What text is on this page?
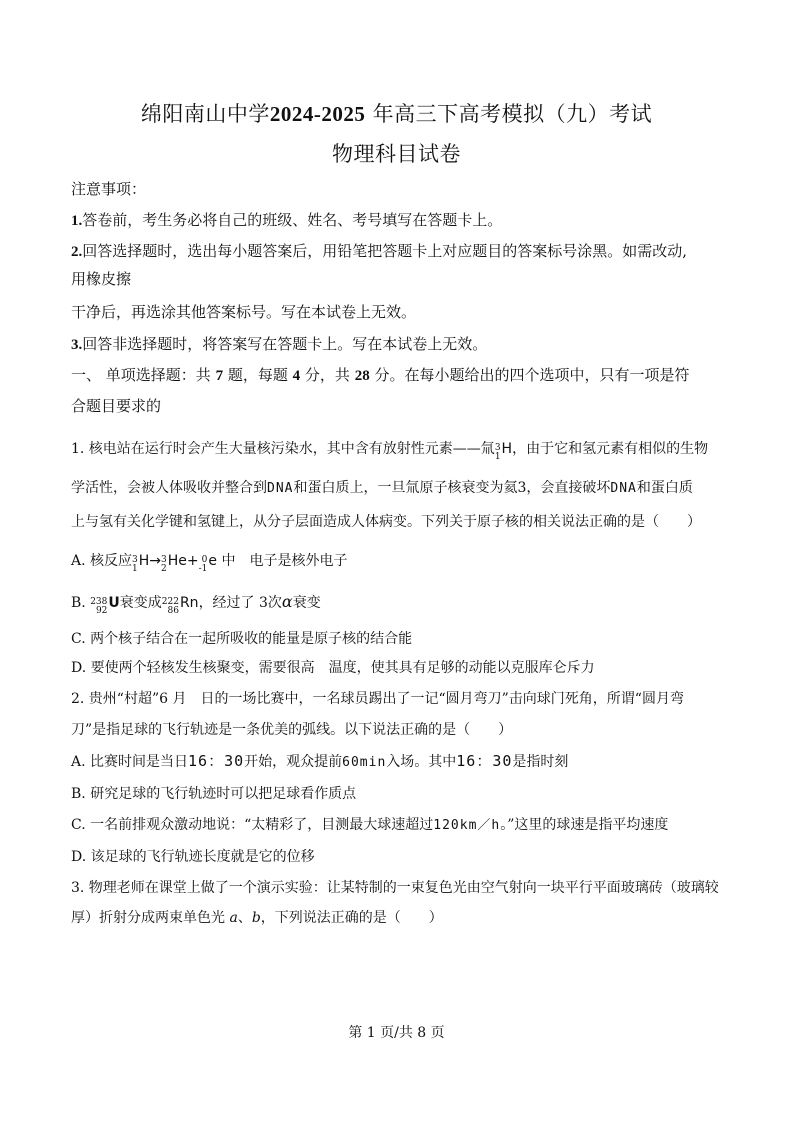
绵阳南山中学2024-2025 年高三下高考模拟（九）考试
物理科目试卷
注意事项：
1.答卷前，考生务必将自己的班级、姓名、考号填写在答题卡上。
2.回答选择题时，选出每小题答案后，用铅笔把答题卡上对应题目的答案标号涂黑。如需改动,
用橡皮擦
干净后，再选涂其他答案标号。写在本试卷上无效。
3.回答非选择题时，将答案写在答题卡上。写在本试卷上无效。
一、 单项选择题：共 7 题，每题 4 分，共 28 分。在每小题给出的四个选项中，只有一项是符
合题目要求的
1. 核电站在运行时会产生大量核污染水，其中含有放射性元素——氚3
1H，由于它和氢元素有相似的生物
学活性，会被人体吸收并整合到DNA和蛋白质上，一旦氚原子核衰变为氦3，会直接破坏DNA和蛋白质
上与氢有关化学键和氢键上，从分子层面造成人体病变。下列关于原子核的相关说法正确的是（　　）
A. 核反应3
1H→3
2He+ 0
-1e 中　电子是核外电子
B. 238
92U衰变成222
86Rn，经过了 3次α衰变
C. 两个核子结合在一起所吸收的能量是原子核的结合能
D. 要使两个轻核发生核聚变，需要很高　温度，使其具有足够的动能以克服库仑斥力
2. 贵州“村超”6 月　日的一场比赛中，一名球员踢出了一记“圆月弯刀”击向球门死角，所谓“圆月弯
刀”是指足球的飞行轨迹是一条优美的弧线。以下说法正确的是（　　）
A. 比赛时间是当日16：30开始，观众提前60min入场。其中16：30是指时刻
B. 研究足球的飞行轨迹时可以把足球看作质点
C. 一名前排观众激动地说：“太精彩了，目测最大球速超过120km／h。”这里的球速是指平均速度
D. 该足球的飞行轨迹长度就是它的位移
3. 物理老师在课堂上做了一个演示实验：让某特制的一束复色光由空气射向一块平行平面玻璃砖（玻璃较
厚）折射分成两束单色光 a、b，下列说法正确的是（　　）
第 1 页/共 8 页
